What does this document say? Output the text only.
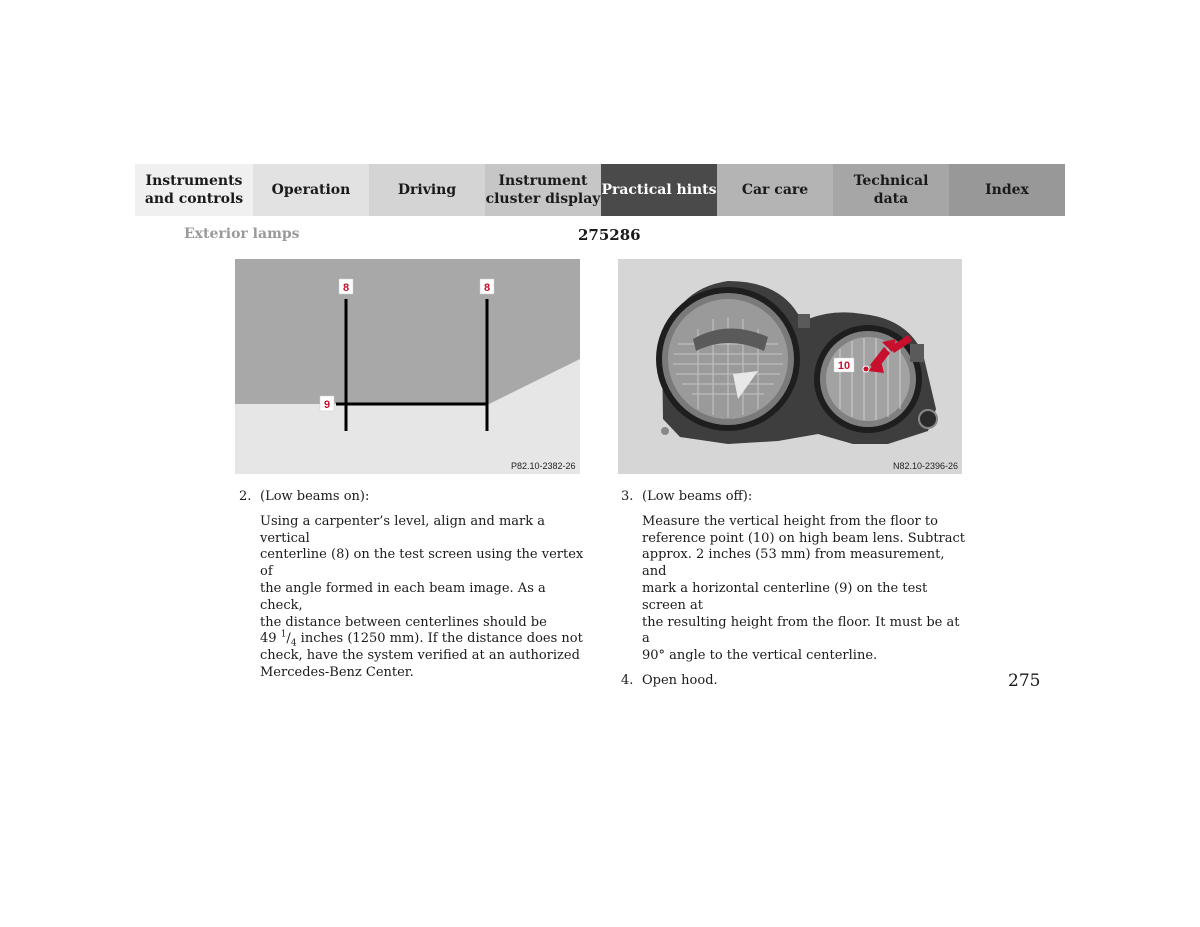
Instruments
and controls
Operation	Driving
Instrument
cluster display
Practical hints Car care
Technical
data
Index
Exterior lamps	275286
8	8
9
P82.10-2382-26
10
N82.10-2396-26
2. (Low beams on):
Using a carpenter’s level, align and mark a vertical
centerline (8) on the test screen using the vertex of
the angle formed in each beam image. As a check,
the distance between centerlines should be
49 $^1/_4$ inches (1250 mm). If the distance does not
check, have the system verified at an authorized
Mercedes-Benz Center.
3. (Low beams off):
Measure the vertical height from the floor to
reference point (10) on high beam lens. Subtract
approx. 2 inches (53 mm) from measurement, and
mark a horizontal centerline (9) on the test screen at
the resulting height from the floor. It must be at a
90° angle to the vertical centerline.
4. Open hood.	275
